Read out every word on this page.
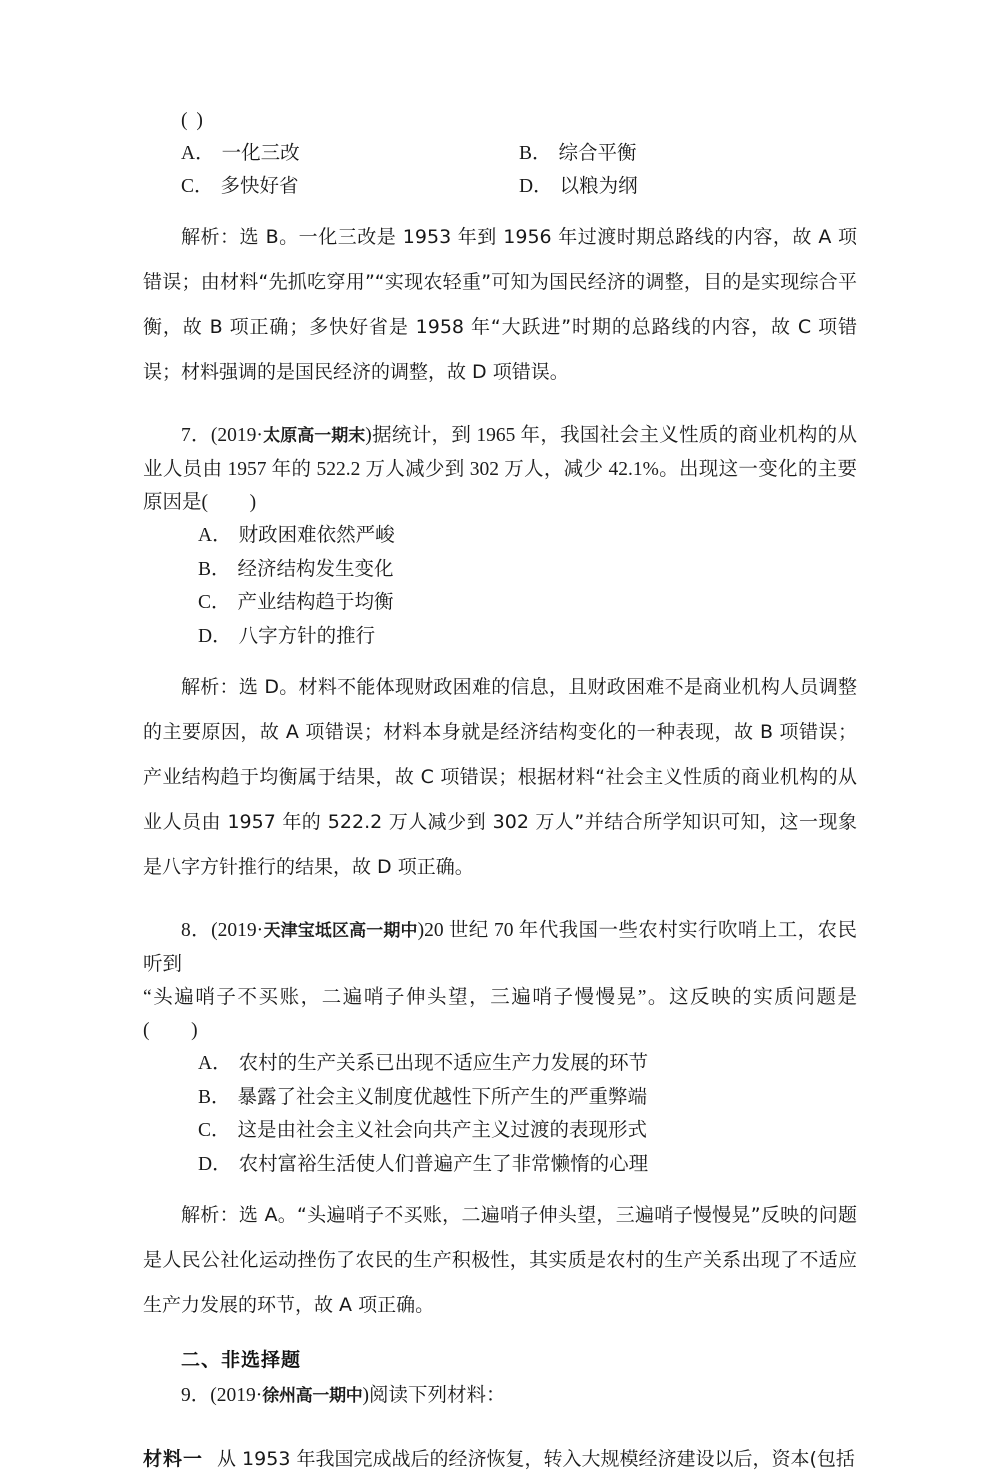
( )
A． 一化三改	B． 综合平衡
C． 多快好省	D． 以粮为纲
解析：选 B。一化三改是 1953 年到 1956 年过渡时期总路线的内容，故 A 项错误；由材料“先抓吃穿用”“实现农轻重”可知为国民经济的调整，目的是实现综合平衡，故 B 项正确；多快好省是 1958 年“大跃进”时期的总路线的内容，故 C 项错误；材料强调的是国民经济的调整，故 D 项错误。
7．(2019·太原高一期末)据统计，到 1965 年，我国社会主义性质的商业机构的从业人员由 1957 年的 522.2 万人减少到 302 万人，减少 42.1%。出现这一变化的主要原因是( )
A． 财政困难依然严峻
B． 经济结构发生变化
C． 产业结构趋于均衡
D． 八字方针的推行
解析：选 D。材料不能体现财政困难的信息，且财政困难不是商业机构人员调整的主要原因，故 A 项错误；材料本身就是经济结构变化的一种表现，故 B 项错误；产业结构趋于均衡属于结果，故 C 项错误；根据材料“社会主义性质的商业机构的从业人员由 1957 年的 522.2 万人减少到 302 万人”并结合所学知识可知，这一现象是八字方针推行的结果，故 D 项正确。
8．(2019·天津宝坻区高一期中)20 世纪 70 年代我国一些农村实行吹哨上工，农民听到
“头遍哨子不买账，二遍哨子伸头望，三遍哨子慢慢晃”。这反映的实质问题是( )
A． 农村的生产关系已出现不适应生产力发展的环节
B． 暴露了社会主义制度优越性下所产生的严重弊端
C． 这是由社会主义社会向共产主义过渡的表现形式
D． 农村富裕生活使人们普遍产生了非常懒惰的心理
解析：选 A。“头遍哨子不买账，二遍哨子伸头望，三遍哨子慢慢晃”反映的问题是人民公社化运动挫伤了农民的生产积极性，其实质是农村的生产关系出现了不适应生产力发展的环节，故 A 项正确。
二、非选择题
9．(2019·徐州高一期中)阅读下列材料：
材料一 从 1953 年我国完成战后的经济恢复，转入大规模经济建设以后，资本(包括
